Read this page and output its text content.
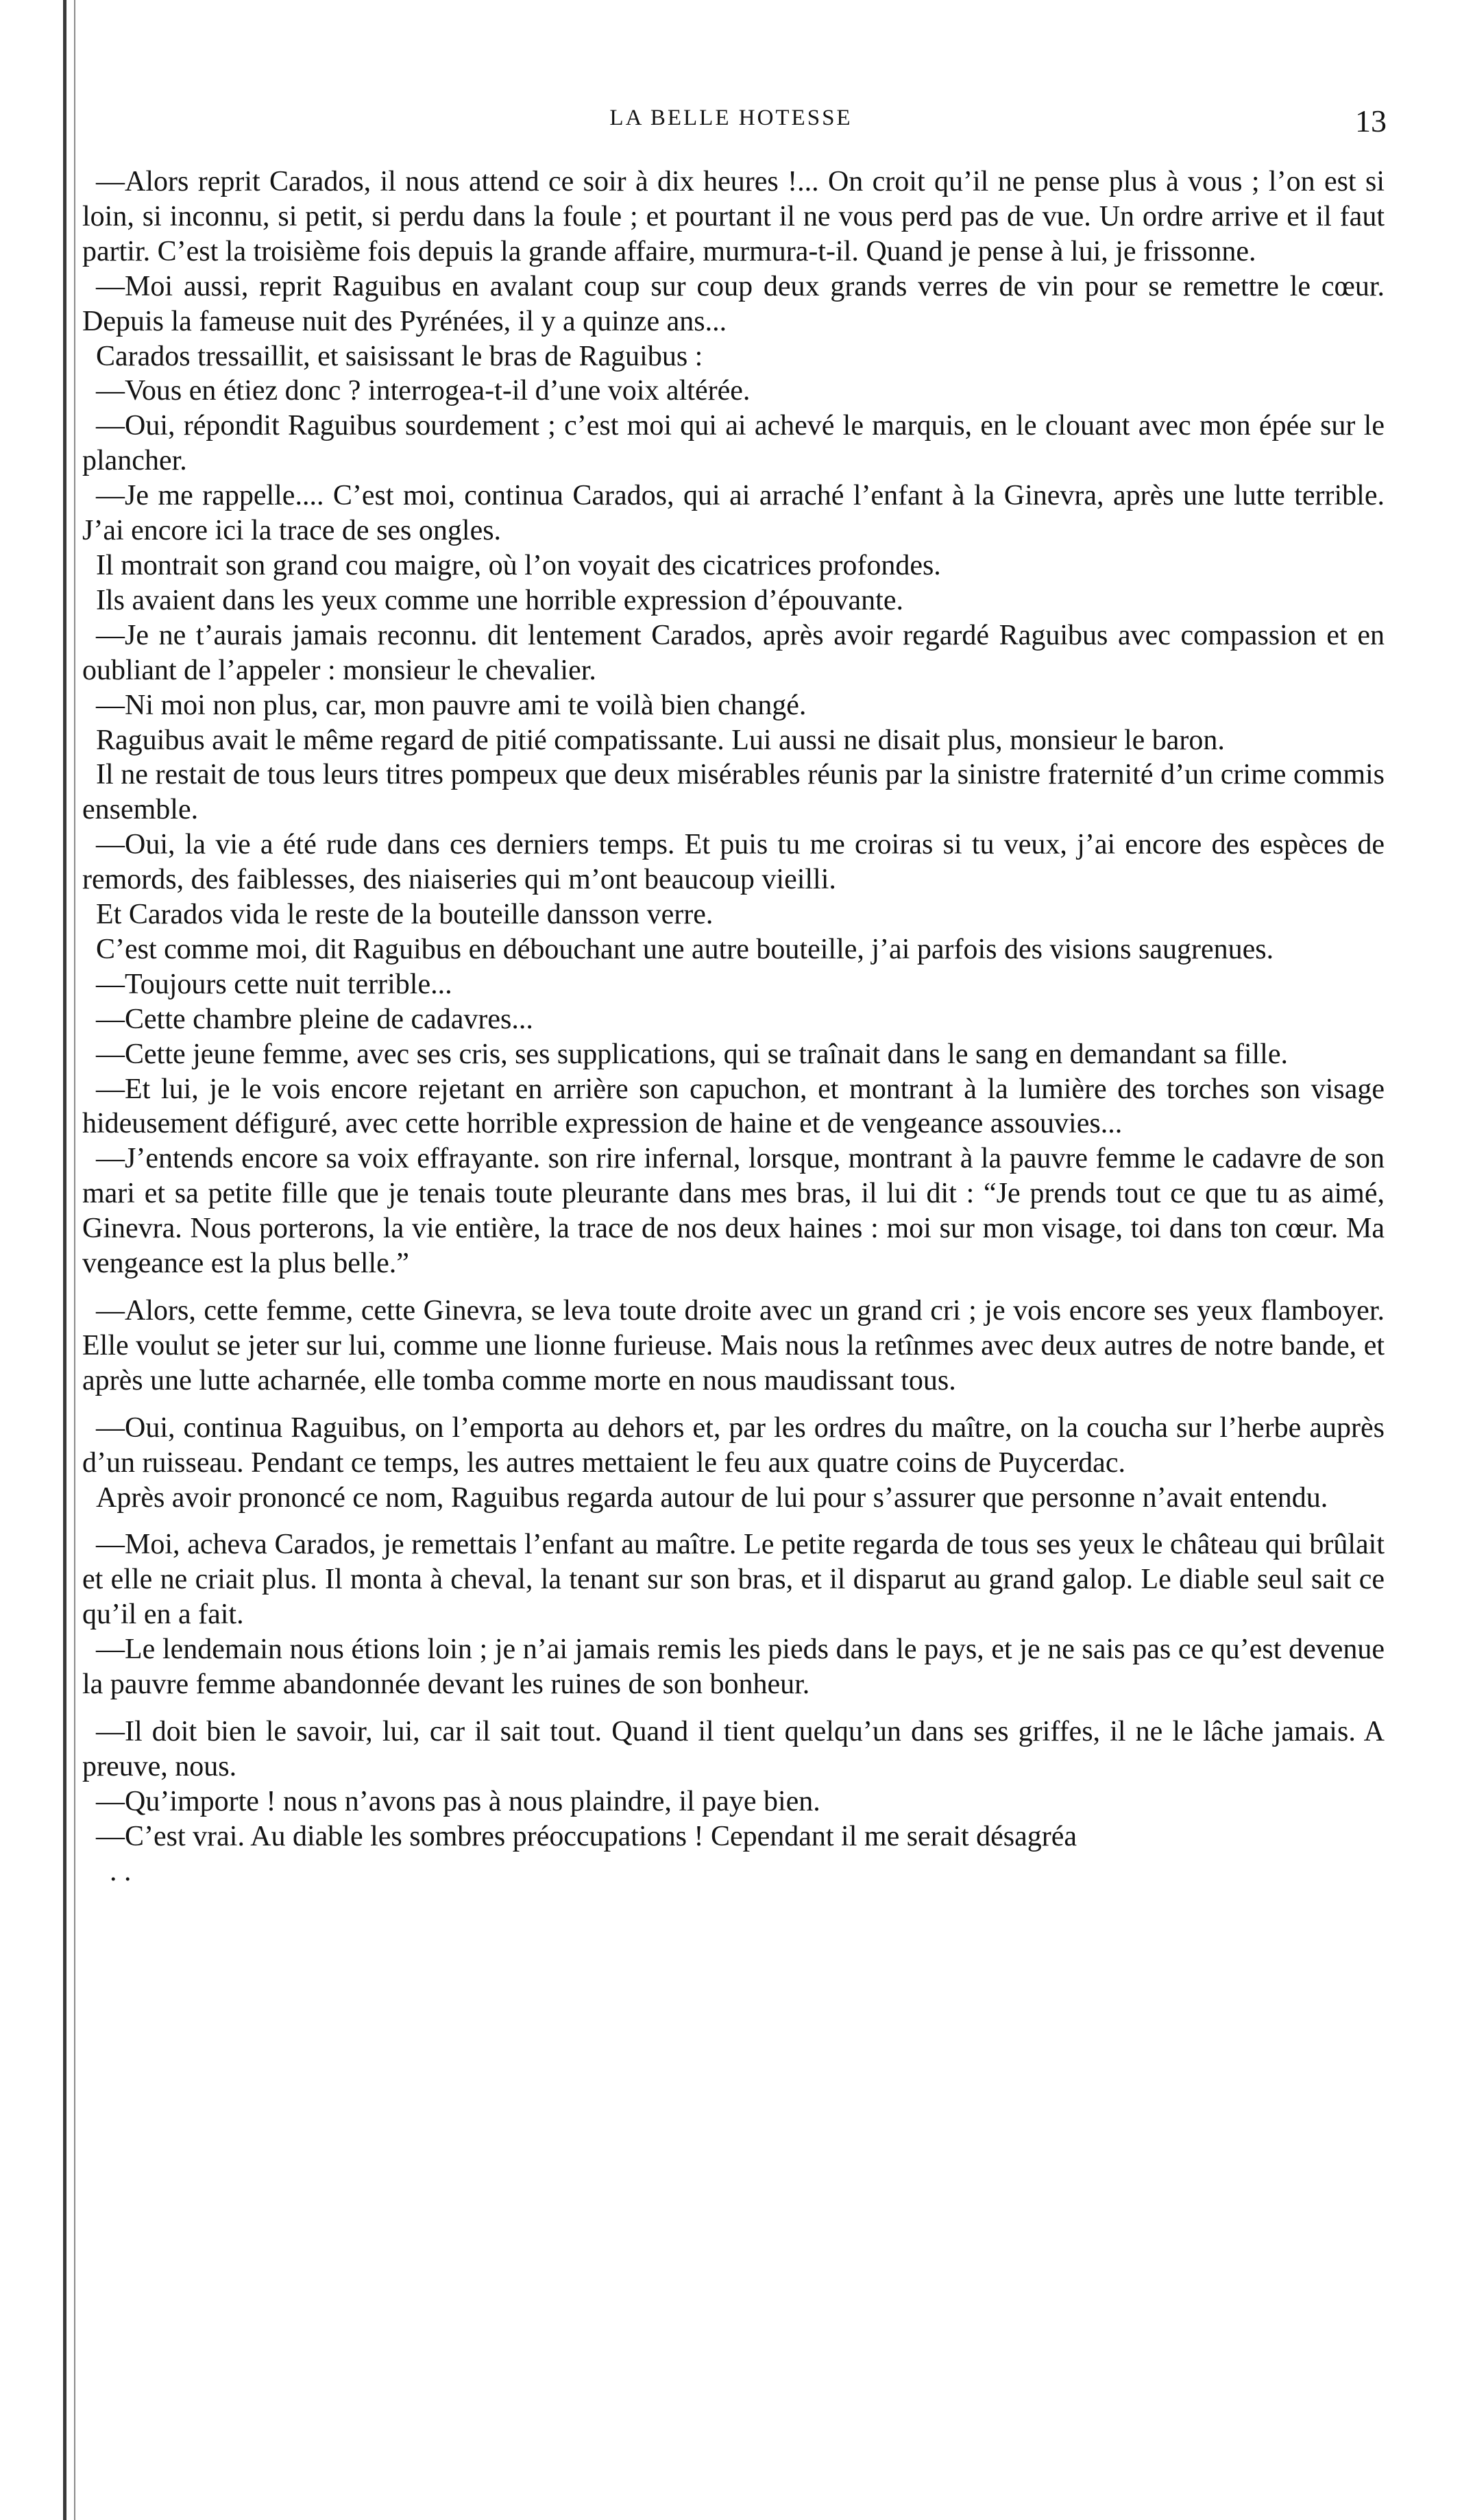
LA BELLE HOTESSE	13

—Alors reprit Carados, il nous attend ce soir à dix heures !... On croit qu’il ne pense plus à vous ; l’on est si loin, si inconnu, si petit, si perdu dans la foule ; et pourtant il ne vous perd pas de vue. Un ordre arrive et il faut partir. C’est la troisième fois depuis la grande affaire, murmura-t-il. Quand je pense à lui, je frissonne.

—Moi aussi, reprit Raguibus en avalant coup sur coup deux grands verres de vin pour se remettre le cœur. Depuis la fameuse nuit des Pyrénées, il y a quinze ans...

Carados tressaillit, et saisissant le bras de Raguibus :

—Vous en étiez donc ? interrogea-t-il d’une voix altérée.

—Oui, répondit Raguibus sourdement ; c’est moi qui ai achevé le marquis, en le clouant avec mon épée sur le plancher.

—Je me rappelle.... C’est moi, continua Carados, qui ai arraché l’enfant à la Ginevra, après une lutte terrible. J’ai encore ici la trace de ses ongles.

Il montrait son grand cou maigre, où l’on voyait des cicatrices profondes.

Ils avaient dans les yeux comme une horrible expression d’épouvante.

—Je ne t’aurais jamais reconnu. dit lentement Carados, après avoir regardé Raguibus avec compassion et en oubliant de l’appeler : monsieur le chevalier.

—Ni moi non plus, car, mon pauvre ami te voilà bien changé.

Raguibus avait le même regard de pitié compatissante. Lui aussi ne disait plus, monsieur le baron.

Il ne restait de tous leurs titres pompeux que deux misérables réunis par la sinistre fraternité d’un crime commis ensemble.

—Oui, la vie a été rude dans ces derniers temps. Et puis tu me croiras si tu veux, j’ai encore des espèces de remords, des faiblesses, des niaiseries qui m’ont beaucoup vieilli.

Et Carados vida le reste de la bouteille dansson verre.

C’est comme moi, dit Raguibus en débouchant une autre bouteille, j’ai parfois des visions saugrenues.

—Toujours cette nuit terrible...

—Cette chambre pleine de cadavres...

—Cette jeune femme, avec ses cris, ses supplications, qui se traînait dans le sang en demandant sa fille.

—Et lui, je le vois encore rejetant en arrière son capuchon, et montrant à la lumière des torches son visage hideusement défiguré, avec cette horrible expression de haine et de vengeance assouvies...

—J’entends encore sa voix effrayante. son rire infernal, lorsque, montrant à la pauvre femme le cadavre de son mari et sa petite fille que je tenais toute pleurante dans mes bras, il lui dit : “Je prends tout ce que tu as aimé, Ginevra. Nous porterons, la vie entière, la trace de nos deux haines : moi sur mon visage, toi dans ton cœur. Ma vengeance est la plus belle.”

—Alors, cette femme, cette Ginevra, se leva toute droite avec un grand cri ; je vois encore ses yeux flamboyer. Elle voulut se jeter sur lui, comme une lionne furieuse. Mais nous la retînmes avec deux autres de notre bande, et après une lutte acharnée, elle tomba comme morte en nous maudissant tous.

—Oui, continua Raguibus, on l’emporta au dehors et, par les ordres du maître, on la coucha sur l’herbe auprès d’un ruisseau. Pendant ce temps, les autres mettaient le feu aux quatre coins de Puycerdac.

Après avoir prononcé ce nom, Raguibus regarda autour de lui pour s’assurer que personne n’avait entendu.

—Moi, acheva Carados, je remettais l’enfant au maître. Le petite regarda de tous ses yeux le château qui brûlait et elle ne criait plus. Il monta à cheval, la tenant sur son bras, et il disparut au grand galop. Le diable seul sait ce qu’il en a fait.

—Le lendemain nous étions loin ; je n’ai jamais remis les pieds dans le pays, et je ne sais pas ce qu’est devenue la pauvre femme abandonnée devant les ruines de son bonheur.

—Il doit bien le savoir, lui, car il sait tout. Quand il tient quelqu’un dans ses griffes, il ne le lâche jamais. A preuve, nous.

—Qu’importe ! nous n’avons pas à nous plaindre, il paye bien.

—C’est vrai. Au diable les sombres préoccupations ! Cependant il me serait désagréa

. .
